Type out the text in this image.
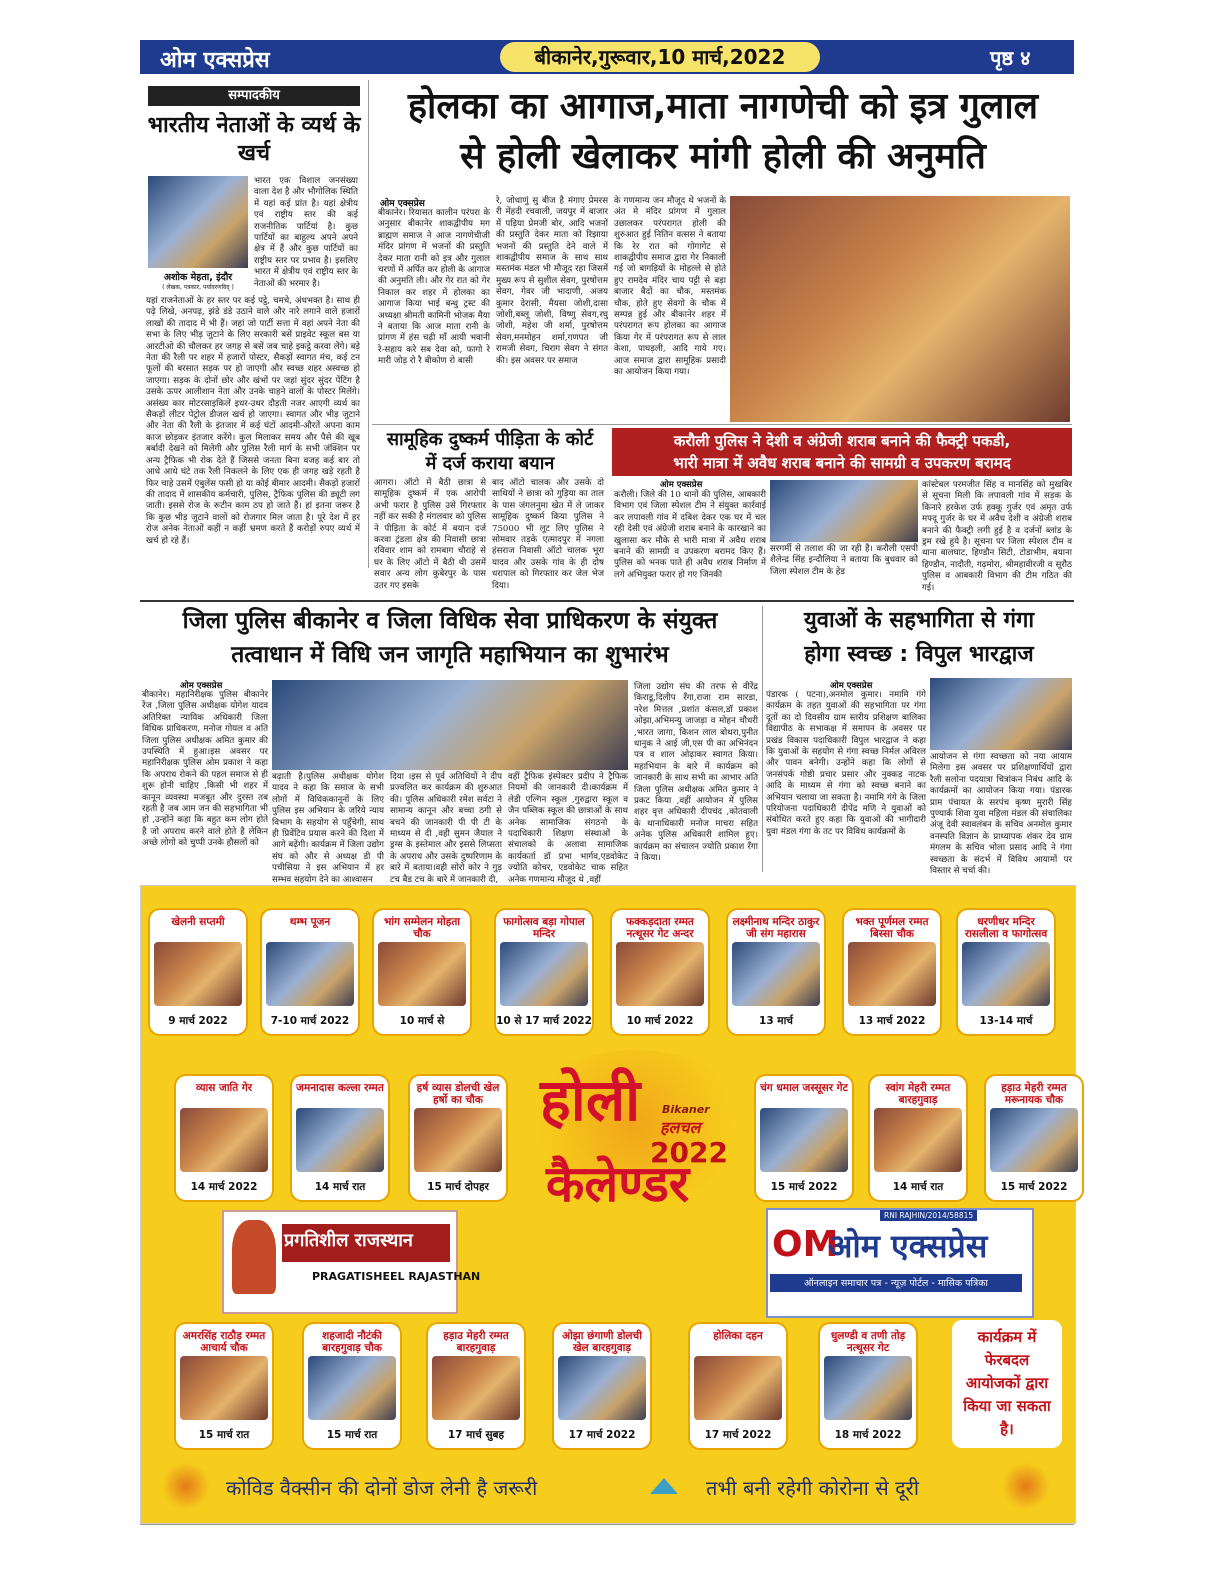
ओम एक्सप्रेस	बीकानेर,गुरूवार,10 मार्च,2022	पृष्ठ ४
सम्पादकीय
भारतीय नेताओं के व्यर्थ के खर्च
अशोक मेहता, इंदौर
( लेखक, पत्रकार, पर्यावरणविद् )
भारत एक विशाल जनसंख्या वाला देश है और भौगोलिक स्थिति में यहां कई प्रांत है। यहां क्षेत्रीय एवं राष्ट्रीय स्तर की कई राजनीतिक पार्टियां है। कुछ पार्टियों का बाहुल्य अपने अपने क्षेत्र में हैं और कुछ पार्टियों का राष्ट्रीय स्तर पर प्रभाव है। इसलिए भारत में क्षेत्रीय एवं राष्ट्रीय स्तर के नेताओं की भरमार है।
यहां राजनेताओं के हर स्तर पर कई पट्ठे, चमचे, अंधभक्त है। साथ ही पढ़े लिखे, अनपढ़, झंडे डंडे उठाने वाले और नारे लगाने वाले हजारों लाखों की तादाद में भी हैं। जहां जो पार्टी सत्ता में वहां अपने नेता की सभा के लिए भीड़ जुटाने के लिए सरकारी बसें प्राइवेट स्कूल बस या आरटीओ की चौलकर हर जगह से बसें जब चाहे इकट्ठे करवा लेंगे। बड़े नेता की रैली पर शहर में हजारों पोस्टर, सैकड़ों स्वागत मंच, कई टन फूलों की बरसात सड़क पर हो जाएगी और स्वच्छ शहर अस्वच्छ हो जाएगा। सड़क के दोनों छोर और खंभों पर जहां सुंदर सुंदर पेंटिंग है उसके ऊपर आलीशान नेता और उनके चाहने वालों के पोस्टर मिलेंगे। असंख्य कार मोटरसाइकिलें इधर-उधर दौड़ती नजर आएगी व्यर्थ का सैकड़ों लीटर पेट्रोल डीजल खर्च हो जाएगा। स्वागत और भीड़ जुटाने और नेता की रैली के इंतजार में कई घंटों आदमी-औरतें अपना काम काज छोड़कर इंतजार करेंगे। कुल मिलाकर समय और पैसे की खूब बर्बादी देखने को मिलेगी और पुलिस रैली मार्ग के सभी जंक्शिन पर अन्य ट्रैफिक भी रोक देते हैं जिससे जनता बिना वजह कई बार तो आधे आधे घंटे तक रैली निकलने के लिए एक ही जगह खड़े रहती है फिर चाहे उसमें एंबुलेंस फसी हो या कोई बीमार आदमी। सैकड़ों हजारों की तादाद में शासकीय कर्मचारी, पुलिस, ट्रैफिक पुलिस की ड्यूटी लग जाती। इससे रोज के रूटीन काम ठप हो जाते हैं। हां इतना जरूर है कि कुछ भीड़ जुटाने वालों को रोजगार मिल जाता है। पूरे देश में हर रोज अनेक नेताओं कहीं न कहीं भ्रमण करते हैं करोड़ों रुपए व्यर्थ में खर्च हो रहे हैं।
होलका का आगाज,माता नागणेची को इत्र गुलाल
से होली खेलाकर मांगी होली की अनुमति
ओम एक्सप्रेस
बीकानेर। रियासत कालीन परंपरा के अनुसार बीकानेर शाकद्वीपीय मग ब्राह्मण समाज ने आज नागणेचीजी मंदिर प्रांगण में भजनों की प्रस्तुति देकर माता रानी को इत्र और गुलाल चरणों में अर्पित कर होली के आगाज की अनुमति ली। और गेर रात को गेर निकाल कर शहर में होलका का आगाज किया भाई बन्धु ट्रस्ट की अध्यक्षा श्रीमती कामिनी भोजक मैया ने बताया कि आज माता रानी के प्रांगण में हंस चढ़ी माँ आयी भवानी रे-सहाय करे सब देवा को, फागो रे मारी जोड़ रो रै बीकोण रो बासी
रे, जोधाणुं सु बीज है मंगाए प्रेमरस री मेंहदी रचवाली, जयपुर में बाजार में पड़िया प्रेमजी बोर, आदि भजनों की प्रस्तुति देकर माता को रिझाया भजनों की प्रस्तुति देने वाले में शाकद्वीपीय समाज के साथ साथ मस्तमंक मंडल भी मौजूद रहा जिसमें मुख्य रूप से सुशील सेवग, पुरषोत्तम सेवग, गेवर जी भादाणी, अजय कुमार देरासी, मैयसा जोशी,दासा जोशी,बब्लू जोशी, विष्णु सेवग,रघु जोशी, महेश जी शर्मा, पुरषोत्तम सेवग,मनमोहन शर्मा,गणपत जी रामजी सेवग, चिराग सेवग ने संगत की। इस अवसर पर समाज
के गणमान्य जन मौजूद थे भजनों के अंत मे मंदिर प्रांगण में गुलाल उछालकर परंपरागत होली की शुरुआत हुई नितिन वत्सस ने बताया कि रेर रात को गोगागेट से शाकद्वीपीय समाज द्वारा गेर निकाली गई जो बागड़ियों के मोहल्ले से होते हुए रामदेव मंदिर चाय पट्टी से बड़ा बाजार बैदों का चौक, मस्तमंक चौक, होते हुए सेवगो के चौक में सम्पन्न हुई और बीकानेर शहर में परंपरागत रूप होलका का आगाज किया गेर में परंपरागत रूप से लाल केशा, पाघड़ली, आदि गाये गए। आज समाज द्वारा सामूहिक प्रसादी का आयोजन किया गया।
सामूहिक दुष्कर्म पीड़िता के कोर्ट
में दर्ज कराया बयान
आगरा। ऑटो में बैठी छात्रा से सामूहिक दुष्कर्म में एक आरोपी अभी फरार है पुलिस उसे गिरफ्तार नहीं कर सकी है मंगलवार को पुलिस ने पीड़िता के कोर्ट में बयान दर्ज करवा ट्रंडला क्षेत्र की निवासी छात्रा रविवार शाम को रामबाग चौराहे से घर के लिए ऑटो में बैठी थी उसमें सवार अन्य लोग कुबेरपुर के पास उतर गए इसके
बाद ऑटो चालक और उसके दो साथियों ने छात्रा को गुड़िया का ताल के पास जंगलनुमा खेत में ले जाकर सामूहिक दुष्कर्म किया पुलिस ने 75000 भी लूट लिए पुलिस ने सोमवार तड़के एत्मादपुर में नगला हंसराज निवासी ऑटो चालक भूरा यादव और उसके गांव के ही दोष धरापाल को गिरफ्तार कर जेल भेज दिया।
करौली पुलिस ने देशी व अंग्रेजी शराब बनाने की फैक्ट्री पकडी,
भारी मात्रा में अवैध शराब बनाने की सामग्री व उपकरण बरामद
ओम एक्सप्रेस
करौली। जिले की 10 थानों की पुलिस, आबकारी विभाग एवं जिला स्पेशल टीम ने संयुक्त कार्रवाई कर लपावली गांव में दबिश देकर एक घर में चल रही देसी एवं अंग्रेजी शराब बनाने के कारखाने का खुलासा कर मौके से भारी मात्रा में अवैध शराब बनाने की सामग्री व उपकरण बरामद किए हैं। पुलिस को भनक पाते ही अवैध शराब निर्माण में लगे अभियुक्त फरार हो गए जिनकी
सरगर्मी से तलाश की जा रही है। करौली एसपी शैलेन्द्र सिंह इन्दौलिया ने बताया कि बुधवार को जिला स्पेशल टीम के हेड
कांस्टेबल परमजीत सिंह व मानसिंह को मुखबिर से सूचना मिली कि लपावली गांव में सड़क के किनारे हरकेश उर्फ हक्कू गुर्जर एवं अमृत उर्फ मफ्दू गुर्जर के घर में अवैध देशी व अंग्रेजी शराब बनाने की फैक्ट्री लगी हुई है व दर्जनों ब्लांड के ड्रम रखे हुये है। सूचना पर जिला स्पेशल टीम व थाना बालघाट, हिण्डौन सिटी, टोडाभीम, बयाना हिण्डौन, नादौती, गढ़मोरा, श्रीमहावीरजी व सूरौठ पुलिस व आबकारी विभाग की टीम गठित की गई।
जिला पुलिस बीकानेर व जिला विधिक सेवा प्राधिकरण के संयुक्त
तत्वाधान में विधि जन जागृति महाभियान का शुभारंभ
ओम एक्सप्रेस
बीकानेर। महानिरीक्षक पुलिस बीकानेर रेंज ,जिला पुलिस अधीक्षक योगेश यादव अतिरिक्त न्यायिक अधिकारी जिला विधिक प्राधिकरण, मनोज गोयल व अति जिला पुलिस अधीक्षक अमित कुमार की उपस्थिति में हुआ।इस अवसर पर महानिरीक्षक पुलिस ओम प्रकाश ने कहा कि अपराध रोकने की पहल समाज से ही शुरू होनी चाहिए ,किसी भी शहर में कानून व्यवस्था मजबूत और दुरस्त तब रहती है जब आम जन की सहभागिता भी हो ,उन्होंने कहा कि बहुत कम लोग होते है जो अपराध करने वाले होते है लेकिन अच्छे लोगो को चुप्पी उनके हौसलों को
बढ़ाती है।पुलिस अधीक्षक योगेश यादव ने कहा कि समाज के सभी लोगों में विधिककानूनों के लिए पुलिस इस अभियान के जरिये न्याय विभाग के सहयोग से पहुँचेगी, साथ ही प्रिवेंटिव प्रयास करने की दिशा में आगे बढ़ेंगी। कार्यक्रम में जिला उद्योग संघ को और से अध्यक्ष डी पी पचीसिया ने इस अभियान में हर सम्भव सहयोग देने का आश्वासन
दिया ।इस से पूर्व अतिथियों ने दीप प्रज्वलित कर कार्यक्रम की शुरुआत की। पुलिस अधिकारी रमेश सर्वटा ने सामान्य कानून और बच्चा ठगी से बचने की जानकारी पी पी टी के माध्यम से दी ,वही सुमन जैयाल ने ड्रग्स के इस्तेमाल और इससे लिप्सता के अपराध और उसके दुष्परिणाम के बारे में बताया।वही सोरो कोर ने गुड़ टच बैड टच के बारे में जानकारी दी,
वहीं ट्रैफिक इंस्पेक्टर प्रदीप ने ट्रैफिक नियमों की जानकारी दी।कार्यक्रम में लेडी एल्गिन स्कूल ,गुरुद्वारा स्कूल व जैन पब्लिक स्कूल की छात्राओं के साथ अनेक सामाजिक संगठनो के पदाधिकारी शिक्षण संस्थाओं के संचालको के अलावा सामाजिक कार्यकर्ता डॉ प्रभा भार्गव,एडवोकेट ज्योति कोचर, एडवोकेट चाक सहित अनेक गणमान्य मौजूद थे ,वहीं
जिला उद्योग संघ की तरफ से वीरेंद्र किराडू,दिलीप रँगा,राजा राम सारडा, नरेश मित्तल ,प्रशांत कंसल,डॉ प्रकाश ओझा,अभिमन्यु जाजड़ा व मोहन चौधरी ,भारत जागा, किशन लाल बोथरा,पुनीत धानुक ने आई जी,एस पी का अभिनंदन पत्र व शाल ओढ़ाकर स्वागत किया।महाभियान के बारे में कार्यक्रम को जानकारी के साथ सभी का आभार अति जिला पुलिस अधीक्षक अमित कुमार ने प्रकट किया ,वहीं आयोजन में पुलिस शहर वृत्त अधिकारी दीपचंद ,कोतवाली के थानाधिकारी मनोज माचरा सहित अनेक पुलिस अधिकारी शामिल हुए।कार्यक्रम का संचालन ज्योति प्रकाश रँगा ने किया।
युवाओं के सहभागिता से गंगा
होगा स्वच्छ : विपुल भारद्वाज
ओम एक्सप्रेस
पंडारक ( पटना),अनमोल कुमार। नमामि गंगे कार्यक्रम के तहत युवाओं की सहभागिता पर गंगा दूतों का दो दिवसीय ग्राम स्तरीय प्रशिक्षण बालिका विद्यापीठ के सभाकक्ष में समापन के अवसर पर प्रखंड विकास पदाधिकारी विपुल भारद्वाज ने कहा कि युवाओं के सहयोग से गंगा स्वच्छ निर्मल अविरल और पावन बनेगी। उन्होंने कहा कि लोगों से जनसंपर्क गोष्ठी प्रचार प्रसार और नुक्कड़ नाटक आदि के माध्यम से गंगा को स्वच्छ बनाने का अभियान चलाया जा सकता है। नमामि गंगे के जिला परियोजना पदाधिकारी दीपेंद्र मणि ने युवाओं को संबोधित करते हुए कहा कि युवाओं की भागीदारी युवा मंडल गंगा के तट पर विविध कार्यक्रमों के
आयोजन से गंगा स्वच्छता को नया आयाम मिलेगा इस अवसर पर प्रशिक्षणार्थियों द्वारा रैली सलोना पदयात्रा चित्रांकन निबंध आदि के कार्यक्रमों का आयोजन किया गया। पंडारक प्राम पंचायत के सरपंच कृष्ण मुरारी सिंह पुण्यार्क शिवा युवा महिला मंडल की संचालिका अंजू देवी स्वावलंबन के सचिव अनमोल कुमार वनस्पति विज्ञान के प्राध्यापक शंकर देव ग्राम मंगलम के सचिव भोला प्रसाद आदि ने गंगा स्वच्छता के संदर्भ में विविध आयामों पर विस्तार से चर्चा की।
खेलनी सप्तमी
9 मार्च 2022
थम्भ पूजन
7-10 मार्च 2022
भांग सम्मेलन मोहता चौक
10 मार्च से
फागोत्सव बड़ा गोपाल मन्दिर
10 से 17 मार्च 2022
फक्कड़दाता रम्मत नत्थूसर गेट अन्दर
10 मार्च 2022
लक्ष्मीनाथ मन्दिर ठाकुर जी संग महारास
13 मार्च
भक्त पूर्णमल रम्मत बिस्सा चौक
13 मार्च 2022
धरणीधर मन्दिर रासलीला व फागोत्सव
13-14 मार्च
व्यास जाति गेर
14 मार्च 2022
जमनादास कल्ला रम्मत
14 मार्च रात
हर्ष व्यास डोलची खेल हर्षो का चौक
15 मार्च दोपहर
चंग धमाल जस्सूसर गेट
15 मार्च 2022
स्वांग मेहरी रम्मत बारहगुवाड़
14 मार्च रात
हड़ाउ मेहरी रम्मत मरूनायक चौक
15 मार्च 2022
अमरसिंह राठौड़ रम्मत आचार्य चौक
15 मार्च रात
शहजादी नौटंकी बारहगुवाड़ चौक
15 मार्च रात
हड़ाउ मेहरी रम्मत बारहगुवाड़
17 मार्च सुबह
ओझा छंगाणी डोलची खेल बारहगुवाड़
17 मार्च 2022
होलिका दहन
17 मार्च 2022
धुलण्डी व तणी तोड़ नत्थूसर गेट
18 मार्च 2022
होली Bikaner
हलचल
2022
कैलेण्डर
प्रगतिशील राजस्थान
PRAGATISHEEL RAJASTHAN
RNI RAJHIN/2014/58815
OM
ओम एक्सप्रेस
ऑनलाइन समाचार पत्र - न्यूज़ पोर्टल - मासिक पत्रिका
कार्यक्रम में फेरबदल आयोजकों द्वारा किया जा सकता है।
कोविड वैक्सीन की दोनों डोज लेनी है जरूरी	तभी बनी रहेगी कोरोना से दूरी
